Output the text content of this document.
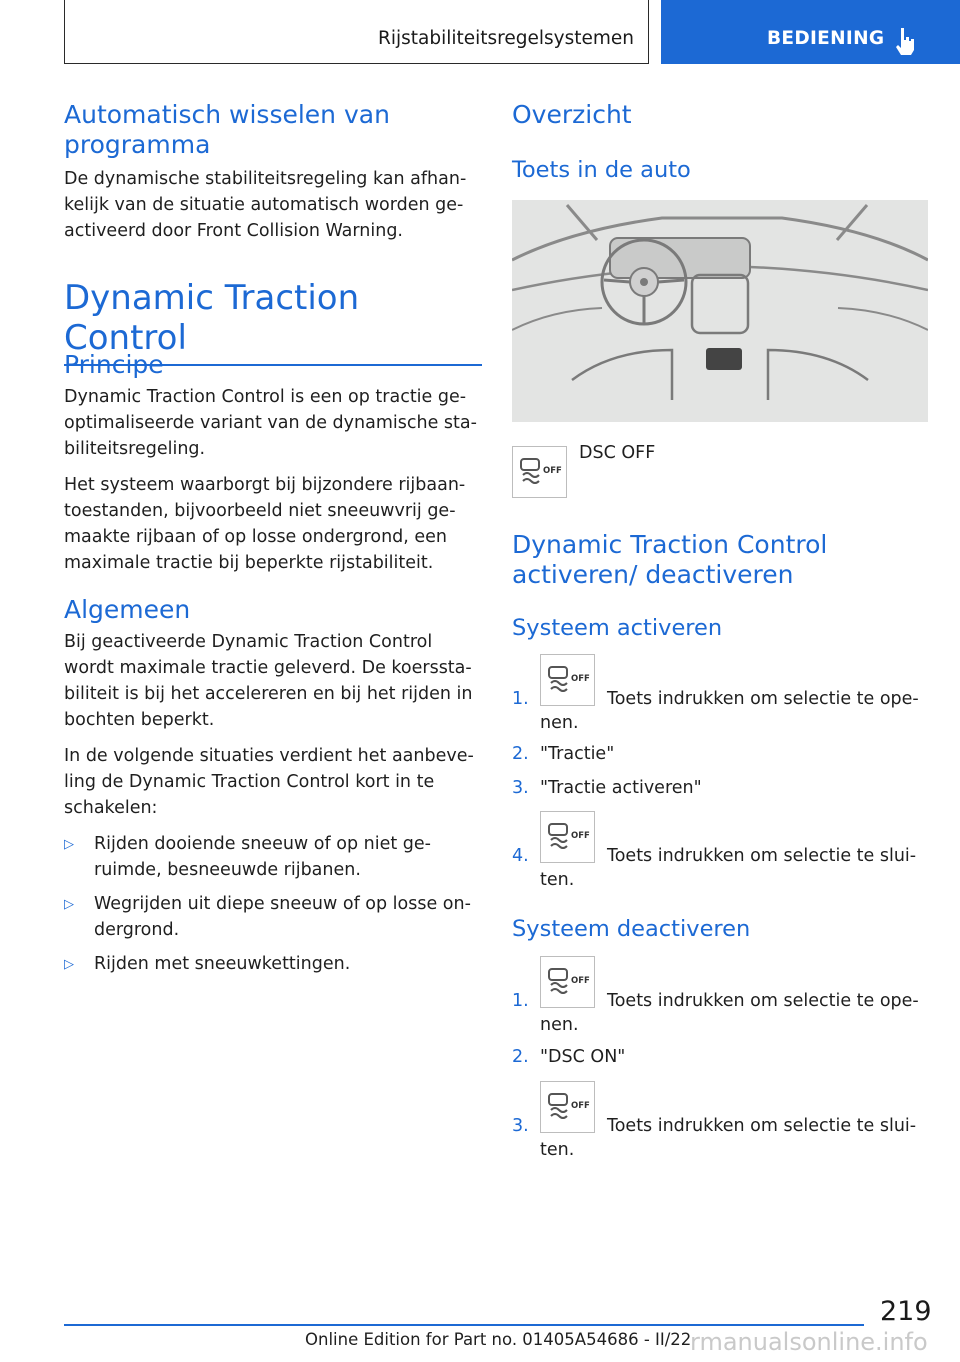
Rijstabiliteitsregelsystemen	BEDIENING
Automatisch wisselen van programma

De dynamische stabiliteitsregeling kan afhan-kelijk van de situatie automatisch worden ge-activeerd door Front Collision Warning.

Dynamic Traction Control
Principe

Dynamic Traction Control is een op tractie ge-optimaliseerde variant van de dynamische sta-biliteitsregeling.

Het systeem waarborgt bij bijzondere rijbaan-toestanden, bijvoorbeeld niet sneeuwvrij ge-maakte rijbaan of op losse ondergrond, een maximale tractie bij beperkte rijstabiliteit.

Algemeen

Bij geactiveerde Dynamic Traction Control wordt maximale tractie geleverd. De koerssta-biliteit is bij het accelereren en bij het rijden in bochten beperkt.

In de volgende situaties verdient het aanbeve-ling de Dynamic Traction Control kort in te schakelen:

▷	Rijden dooiende sneeuw of op niet ge-ruimde, besneeuwde rijbanen.
▷	Wegrijden uit diepe sneeuw of op losse on-dergrond.
▷	Rijden met sneeuwkettingen.
Overzicht
Toets in de auto
OFF
DSC OFF
Dynamic Traction Control activeren/ deactiveren
Systeem activeren
1.
OFF
Toets indrukken om selectie te ope-
nen.
2. "Tractie"
3. "Tractie activeren"
4.
OFF
Toets indrukken om selectie te slui-
ten.
Systeem deactiveren
1.
OFF
Toets indrukken om selectie te ope-
nen.
2. "DSC ON"
3.
OFF
Toets indrukken om selectie te slui-
ten.
219
Online Edition for Part no. 01405A54686 - II/22
rmanualsonline.info
